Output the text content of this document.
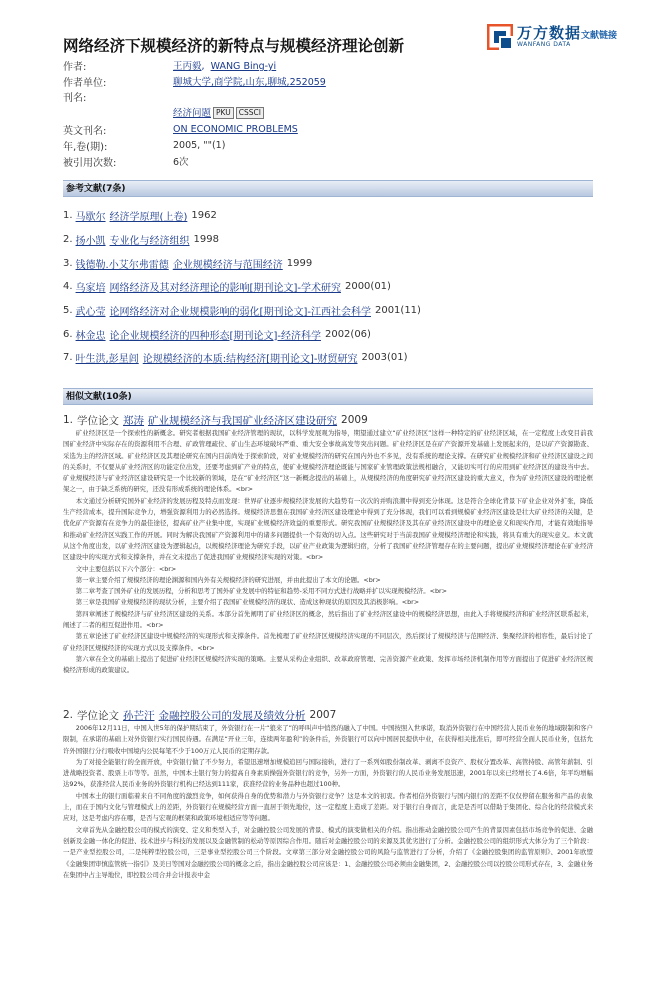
网络经济下规模经济的新特点与规模经济理论创新
万方数据
WANFANG DATA
文献链接
作者:	王丙毅,  WANG Bing-yi
作者单位:	聊城大学,商学院,山东,聊城,252059
刊名:
经济问题 PKU CSSCI
英文刊名:	ON ECONOMIC PROBLEMS
年,卷(期):	2005, ""(1)
被引用次数:	6次
参考文献(7条)
1. 马歇尔 经济学原理(上卷) 1962
2. 扬小凯 专业化与经济组织 1998
3. 钱德勒.小艾尔弗雷德 企业规模经济与范围经济 1999
4. 乌家培 网络经济及其对经济理论的影响[期刊论文]-学术研究 2000(01)
5. 武心莹 论网络经济对企业规模影响的弱化[期刊论文]-江西社会科学 2001(11)
6. 林金忠 论企业规模经济的四种形态[期刊论文]-经济科学 2002(06)
7. 叶生洪,彭星闾 论规模经济的本质:结构经济[期刊论文]-财贸研究 2003(01)
相似文献(10条)
1. 学位论文 郑涛 矿业规模经济与我国矿业经济区建设研究 2009

矿业经济区是一个探索性的新概念。研究者根据我国矿业经济管理的现状，以科学发展观为指导，期望通过建立“矿业经济区”这样一种特定的矿业经济区域，在一定程度上改变目前我国矿业经济中实际存在的资源利用不合理、矿政管理疏位、矿山生态环境破坏严重、重大安全事故高发等突出问题。矿业经济区是在矿产资源开发基础上发展起来的，是以矿产资源勘查、采选为主的经济区域。矿业经济区及其理论研究在国内目前尚处于探索阶段，对矿业规模经济的研究在国内外也不多见，没有系统的理论支撑。在研究矿业规模经济和矿业经济区建设之间的关系时，不仅要从矿业经济区的功能定位出发，还要考虑到矿产业的特点，使矿业规模经济理论既能与国家矿业管理政策法规相融合，又能切实可行的应用到矿业经济区的建设当中去。矿业规模经济与矿业经济区建设研究是一个比较新的领域，是在“矿业经济区”这一新概念提出的基础上，从规模经济的角度研究矿业经济区建设的重大意义，作为矿业经济区建设的理论框架之一，由于缺乏系统的研究，还没有形成系统的理论体系。<br>

本文通过分析研究国外矿业经济的发展历程及特点而发现：世界矿业逐步规模经济发展的大趋势有一次次的并购浪潮中得到充分体现。这是符合全球化背景下矿业企业对外扩张，降低生产经营成本，提升国际竞争力，增强资源利用力的必然选择。规模经济思想在我国矿业经济区建设理论中得到了充分体现，我们可以看到规模矿业经济区建设是壮大矿业经济的关键，是优化矿产资源有在竞争力的最佳途径，提高矿业产业集中度，实现矿业规模经济效益的重要形式。研究我国矿业规模经济及其在矿业经济区建设中的理论意义和现实作用，才能有效地指导和推动矿业经济区实践工作的开展。同时为解决我国矿产资源利用中的诸多问题提供一个有效的切入点。这些研究对于当前我国矿业规模经济理论和实践，将具有重大的现实意义。本文就从这个角度出发，以矿业经济区建设为逻辑起点，以规模经济理论为研究手段，以矿业产业政策为逻辑归宿，分析了我国矿业经济管理存在的主要问题，提出矿业规模经济理论在矿业经济区建设中的实现方式和支撑条件，并在文末提出了促进我国矿业规模经济实现的对策。<br>

文中主要包括以下六个部分：<br>

第一章主要介绍了规模经济的理论渊源和国内外有关规模经济的研究进展，并由此提出了本文的论题。<br>

第二章考查了国外矿业的发展历程，分析和思考了国外矿业发展中的特征和趋势-采用不同方式进行战略并扩以实现规模经济。<br>

第三章是我国矿业规模经济的现状分析，主要介绍了我国矿业规模经济的现状、造成这种现状的原因及其消极影响。<br>

第四章阐述了规模经济与矿业经济区建设的关系。本部分首先阐明了矿业经济区的概念，然后指出了矿业经济区建设中的规模经济思想，由此入手将规模经济和矿业经济区联系起来，阐述了二者的相互促进作用。<br>

第五章论述了矿业经济区建设中规模经济的实现形式和支撑条件。首先梳理了矿业经济区规模经济实现的不同层次，然后探讨了规模经济与范围经济、集聚经济的相容性，最后讨论了矿业经济区规模经济的实现方式以及支撑条件。<br>

第六章在全文的基础上提出了促进矿业经济区规模经济实现的策略。主要从采构企业组织、改革政府管理、完善资源产业政策、发挥市场经济机制作用等方面提出了促进矿业经济区规模经济形成的政策建议。

2. 学位论文 孙芒汗 金融控股公司的发展及绩效分析 2007

2006年12月11日，中国入世5年的保护期结束了，外资银行在一片“狼来了”的呼叫声中悄然的融入了中国。中国按照入世承诺，取消外资银行在中国经营人民币业务的地域限制和客户限制，在承诺的基础上对外资银行实行国民待遇。在满足“开业三年，连续两年盈利”的条件后，外资银行可以向中国居民提供中业，在获得相关批准后，即可经营全面人民币业务，包括允许外国银行分行吸收中国境内公民每笔不少于100万元人民币的定期存款。

为了对接全能银行的全面开放，中资银行做了不少努力，希望迅速增加规模追回与国际接轨，进行了一系列如股份制改革、剥离不良资产、股权分置改革、高管持股、高管年薪制、引进战略投资者、股票上市等等。虽然，中国本土银行努力的提高自身素质操强外资银行的竞争，另外一方面，外资银行的人民币业务发展迅速，2001年以来已经增长了4.6倍，年平均增幅达92%，获准经营人民币业务的外资银行机构已经达到111家，获准经营的业务品种也超过100种。

中国本土的银行面临着来自不同角度的激烈竞争，如何获得自身的优势和潜力与外资银行竞争？这是本文的初衷。作者相信外资银行与国内银行的差距不仅仅停留在服务和产品的表象上，而在于国内文化与管理模式上的差距，外资银行在规模经营方面一直居于领先地位，这一定程度上造成了差距。对于银行自身而言，此是是否可以借助于集团化、综合化的经营模式来应对，这是考虑内容在哪，是否与宏观的框架和政策环境相适应等等问题。

文章首先从金融控股公司的模式的演变、定义和类型入手，对金融控股公司发展的背景、模式的演变做相关的介绍。指出推动金融控股公司产生的背景因素包括市场竞争的促进、金融创新及金融一体化的促进、技术进步与科技的发展以及金融管制的松动等原因综合作用。随后对金融控股公司的来源及其优劣进行了分析。金融控股公司的组织形式大体分为了三个阶段：一是产业型控股公司，二是纯粹型控股公司，三是事业型控股公司三个阶段。文章第三部分对金融控股公司的风险与监管进行了分析，介绍了《金融控股集团的监管原则》、2001年欧盟《金融集团审慎监管统一指引》及美日等国对金融控股公司的概念之后，指出金融控股公司应该是：1、金融控股公司必须由金融集团，2、金融控股公司以控股公司形式存在，3、金融业务在集团中占主导地位，即控股公司合并会计报表中金
